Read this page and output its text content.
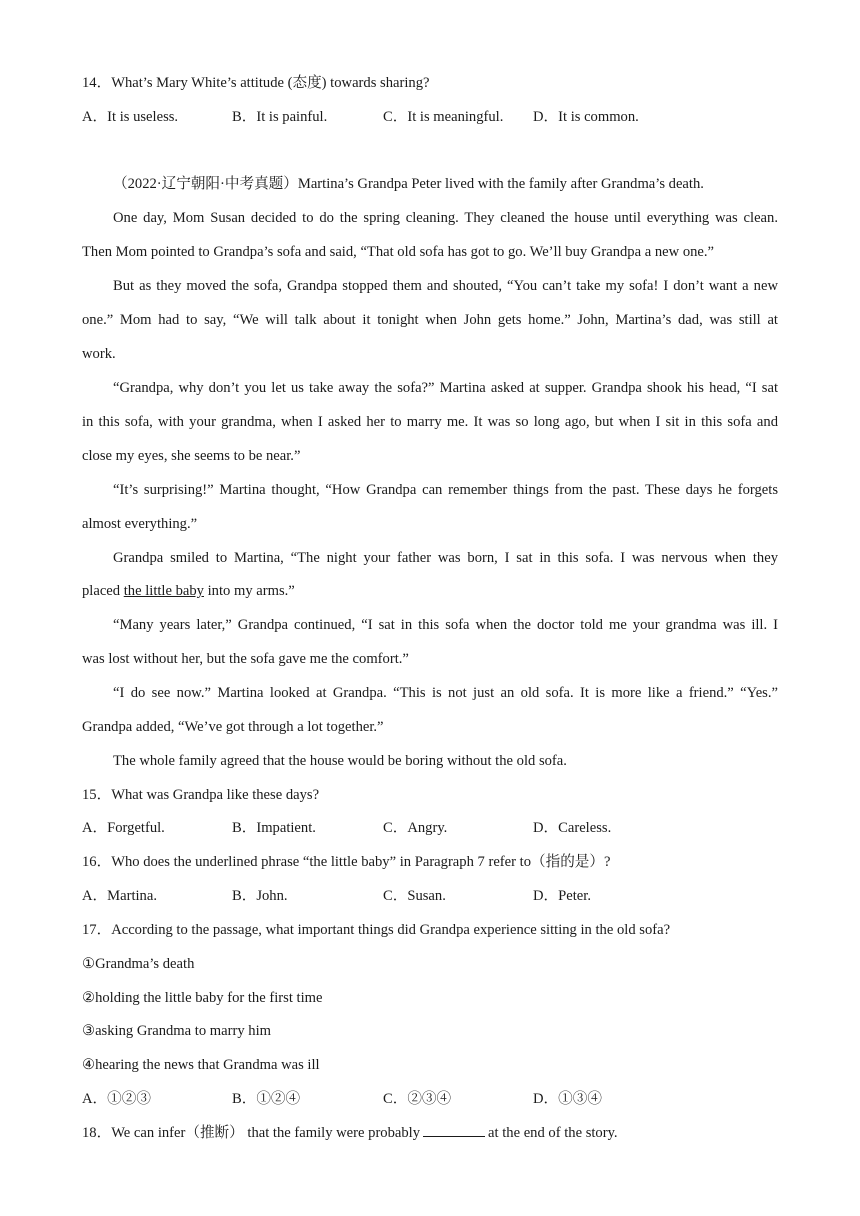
14．What’s Mary White’s attitude (态度) towards sharing?
A．It is useless.	B．It is painful.	C．It is meaningful. D．It is common.
（2022·辽宁朝阳·中考真题）Martina’s Grandpa Peter lived with the family after Grandma’s death.
One day, Mom Susan decided to do the spring cleaning. They cleaned the house until everything was clean.
Then Mom pointed to Grandpa’s sofa and said, “That old sofa has got to go. We’ll buy Grandpa a new one.”
But as they moved the sofa, Grandpa stopped them and shouted, “You can’t take my sofa! I don’t want a new
one.” Mom had to say, “We will talk about it tonight when John gets home.” John, Martina’s dad, was still at
work.
“Grandpa, why don’t you let us take away the sofa?” Martina asked at supper. Grandpa shook his head, “I sat
in this sofa, with your grandma, when I asked her to marry me. It was so long ago, but when I sit in this sofa and
close my eyes, she seems to be near.”
“It’s surprising!” Martina thought, “How Grandpa can remember things from the past. These days he forgets
almost everything.”
Grandpa smiled to Martina, “The night your father was born, I sat in this sofa. I was nervous when they
placed the little baby into my arms.”
“Many years later,” Grandpa continued, “I sat in this sofa when the doctor told me your grandma was ill. I
was lost without her, but the sofa gave me the comfort.”
“I do see now.” Martina looked at Grandpa. “This is not just an old sofa. It is more like a friend.” “Yes.”
Grandpa added, “We’ve got through a lot together.”
The whole family agreed that the house would be boring without the old sofa.
15．What was Grandpa like these days?
A．Forgetful.	B．Impatient.	C．Angry.	D．Careless.
16．Who does the underlined phrase “the little baby” in Paragraph 7 refer to（指的是）?
A．Martina.	B．John.	C．Susan.	D．Peter.
17．According to the passage, what important things did Grandpa experience sitting in the old sofa?
①Grandma’s death
②holding the little baby for the first time
③asking Grandma to marry him
④hearing the news that Grandma was ill
A．①②③	B．①②④	C．②③④	D．①③④
18．We can infer（推断） that the family were probably	at the end of the story.
